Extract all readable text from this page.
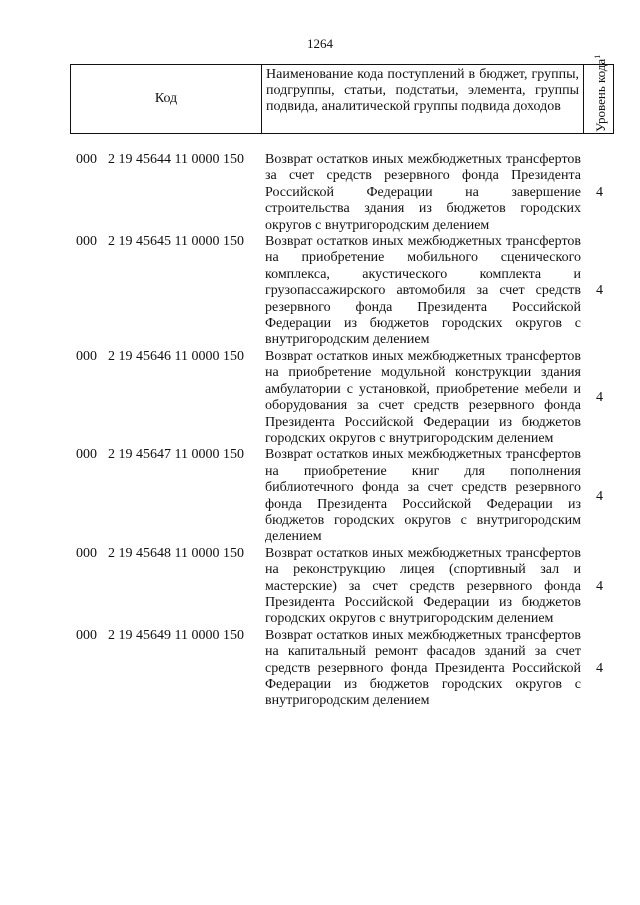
1264
Код
Наименование кода поступлений в бюджет, группы, подгруппы, статьи, подстатьи, элемента, группы подвида, аналитической группы подвида доходов	Уровень кода$^1$
000 2 19 45644 11 0000 150 Возврат остатков иных межбюджетных трансфертов за счет средств резервного фонда Президента Российской Федерации на завершение строительства здания из бюджетов городских округов с внутригородским делением
4
000 2 19 45645 11 0000 150 Возврат остатков иных межбюджетных трансфертов на приобретение мобильного сценического комплекса, акустического комплекта и грузопассажирского автомобиля за счет средств резервного фонда Президента Российской Федерации из бюджетов городских округов с внутригородским делением
4
000 2 19 45646 11 0000 150 Возврат остатков иных межбюджетных трансфертов на приобретение модульной конструкции здания амбулатории с установкой, приобретение мебели и оборудования за счет средств резервного фонда Президента Российской Федерации из бюджетов городских округов с внутригородским делением
4
000 2 19 45647 11 0000 150 Возврат остатков иных межбюджетных трансфертов на приобретение книг для пополнения библиотечного фонда за счет средств резервного фонда Президента Российской Федерации из бюджетов городских округов с внутригородским делением
4
000 2 19 45648 11 0000 150 Возврат остатков иных межбюджетных трансфертов на реконструкцию лицея (спортивный зал и мастерские) за счет средств резервного фонда Президента Российской Федерации из бюджетов городских округов с внутригородским делением
4
000 2 19 45649 11 0000 150 Возврат остатков иных межбюджетных трансфертов на капитальный ремонт фасадов зданий за счет средств резервного фонда Президента Российской Федерации из бюджетов городских округов с внутригородским делением
4
